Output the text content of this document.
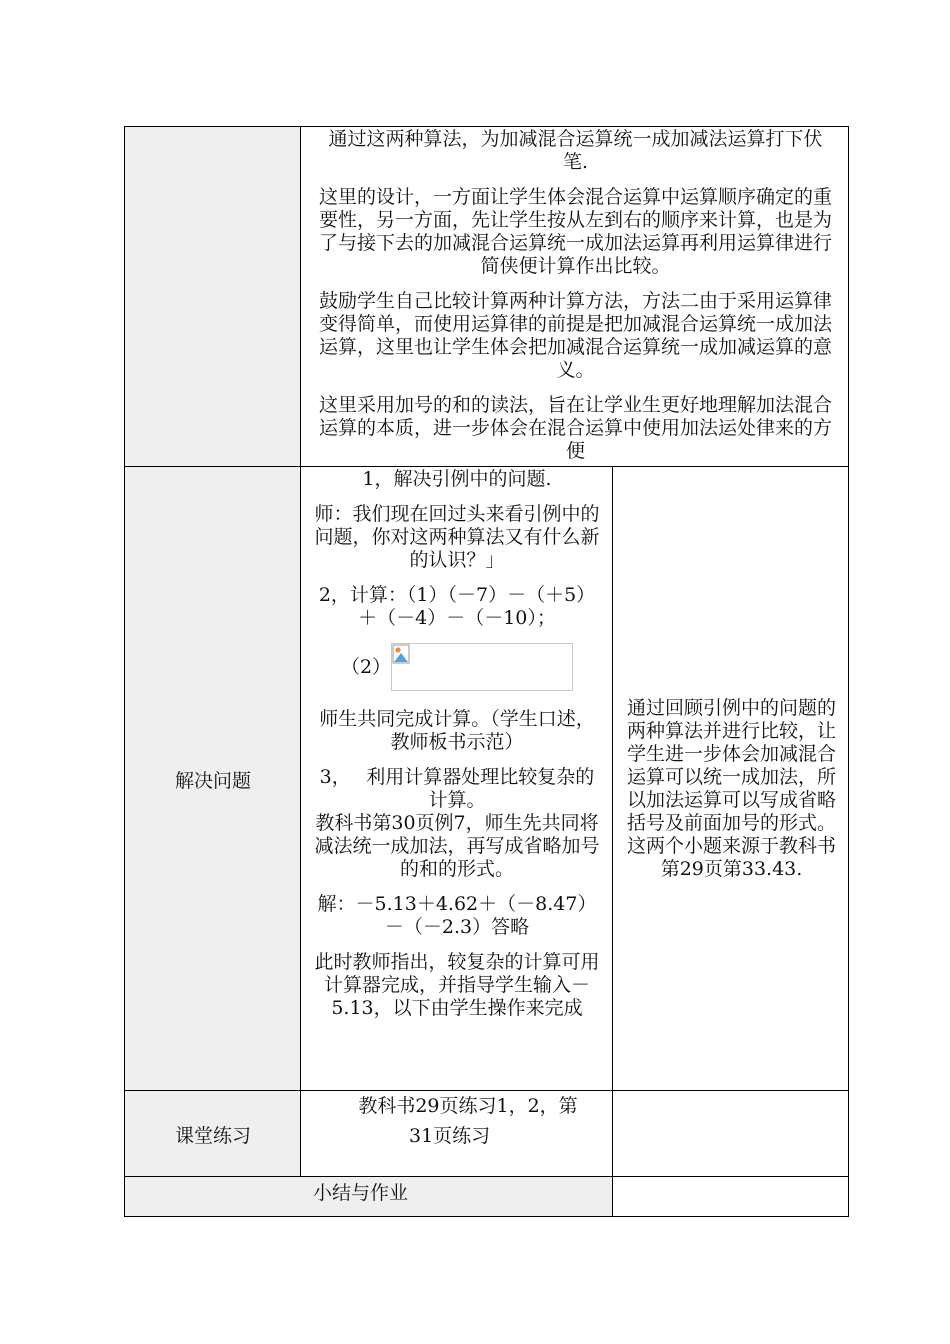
通过这两种算法，为加减混合运算统一成加减法运算打下伏笔.

这里的设计，一方面让学生体会混合运算中运算顺序确定的重要性，另一方面，先让学生按从左到右的顺序来计算，也是为了与接下去的加减混合运算统一成加法运算再利用运算律进行简侠便计算作出比较。

鼓励学生自己比较计算两种计算方法，方法二由于采用运算律变得简单，而使用运算律的前提是把加减混合运算统一成加法运算，这里也让学生体会把加减混合运算统一成加减运算的意义。

这里采用加号的和的读法，旨在让学业生更好地理解加法混合运算的本质，进一步体会在混合运算中使用加法运处律来的方便

解决问题

1，解决引例中的问题.

师：我们现在回过头来看引例中的问题，你对这两种算法又有什么新的认识？」

2，计算：（1）（－7）－（＋5）＋（－4）－（－10）；

（2）

师生共同完成计算。（学生口述，教师板书示范）

3，　 利用计算器处理比较复杂的计算。

教科书第30页例7，师生先共同将减法统一成加法，再写成省略加号的和的形式。

解：－5.13＋4.62＋（－8.47）－（－2.3）答略

此时教师指出，较复杂的计算可用计算器完成，并指导学生输入－5.13，以下由学生操作来完成

通过回顾引例中的问题的两种算法并进行比较，让学生进一步体会加减混合运算可以统一成加法，所以加法运算可以写成省略括号及前面加号的形式。这两个小题来源于教科书第29页第33.43.

课堂练习
教科书29页练习1，2，第
31页练习
小结与作业
